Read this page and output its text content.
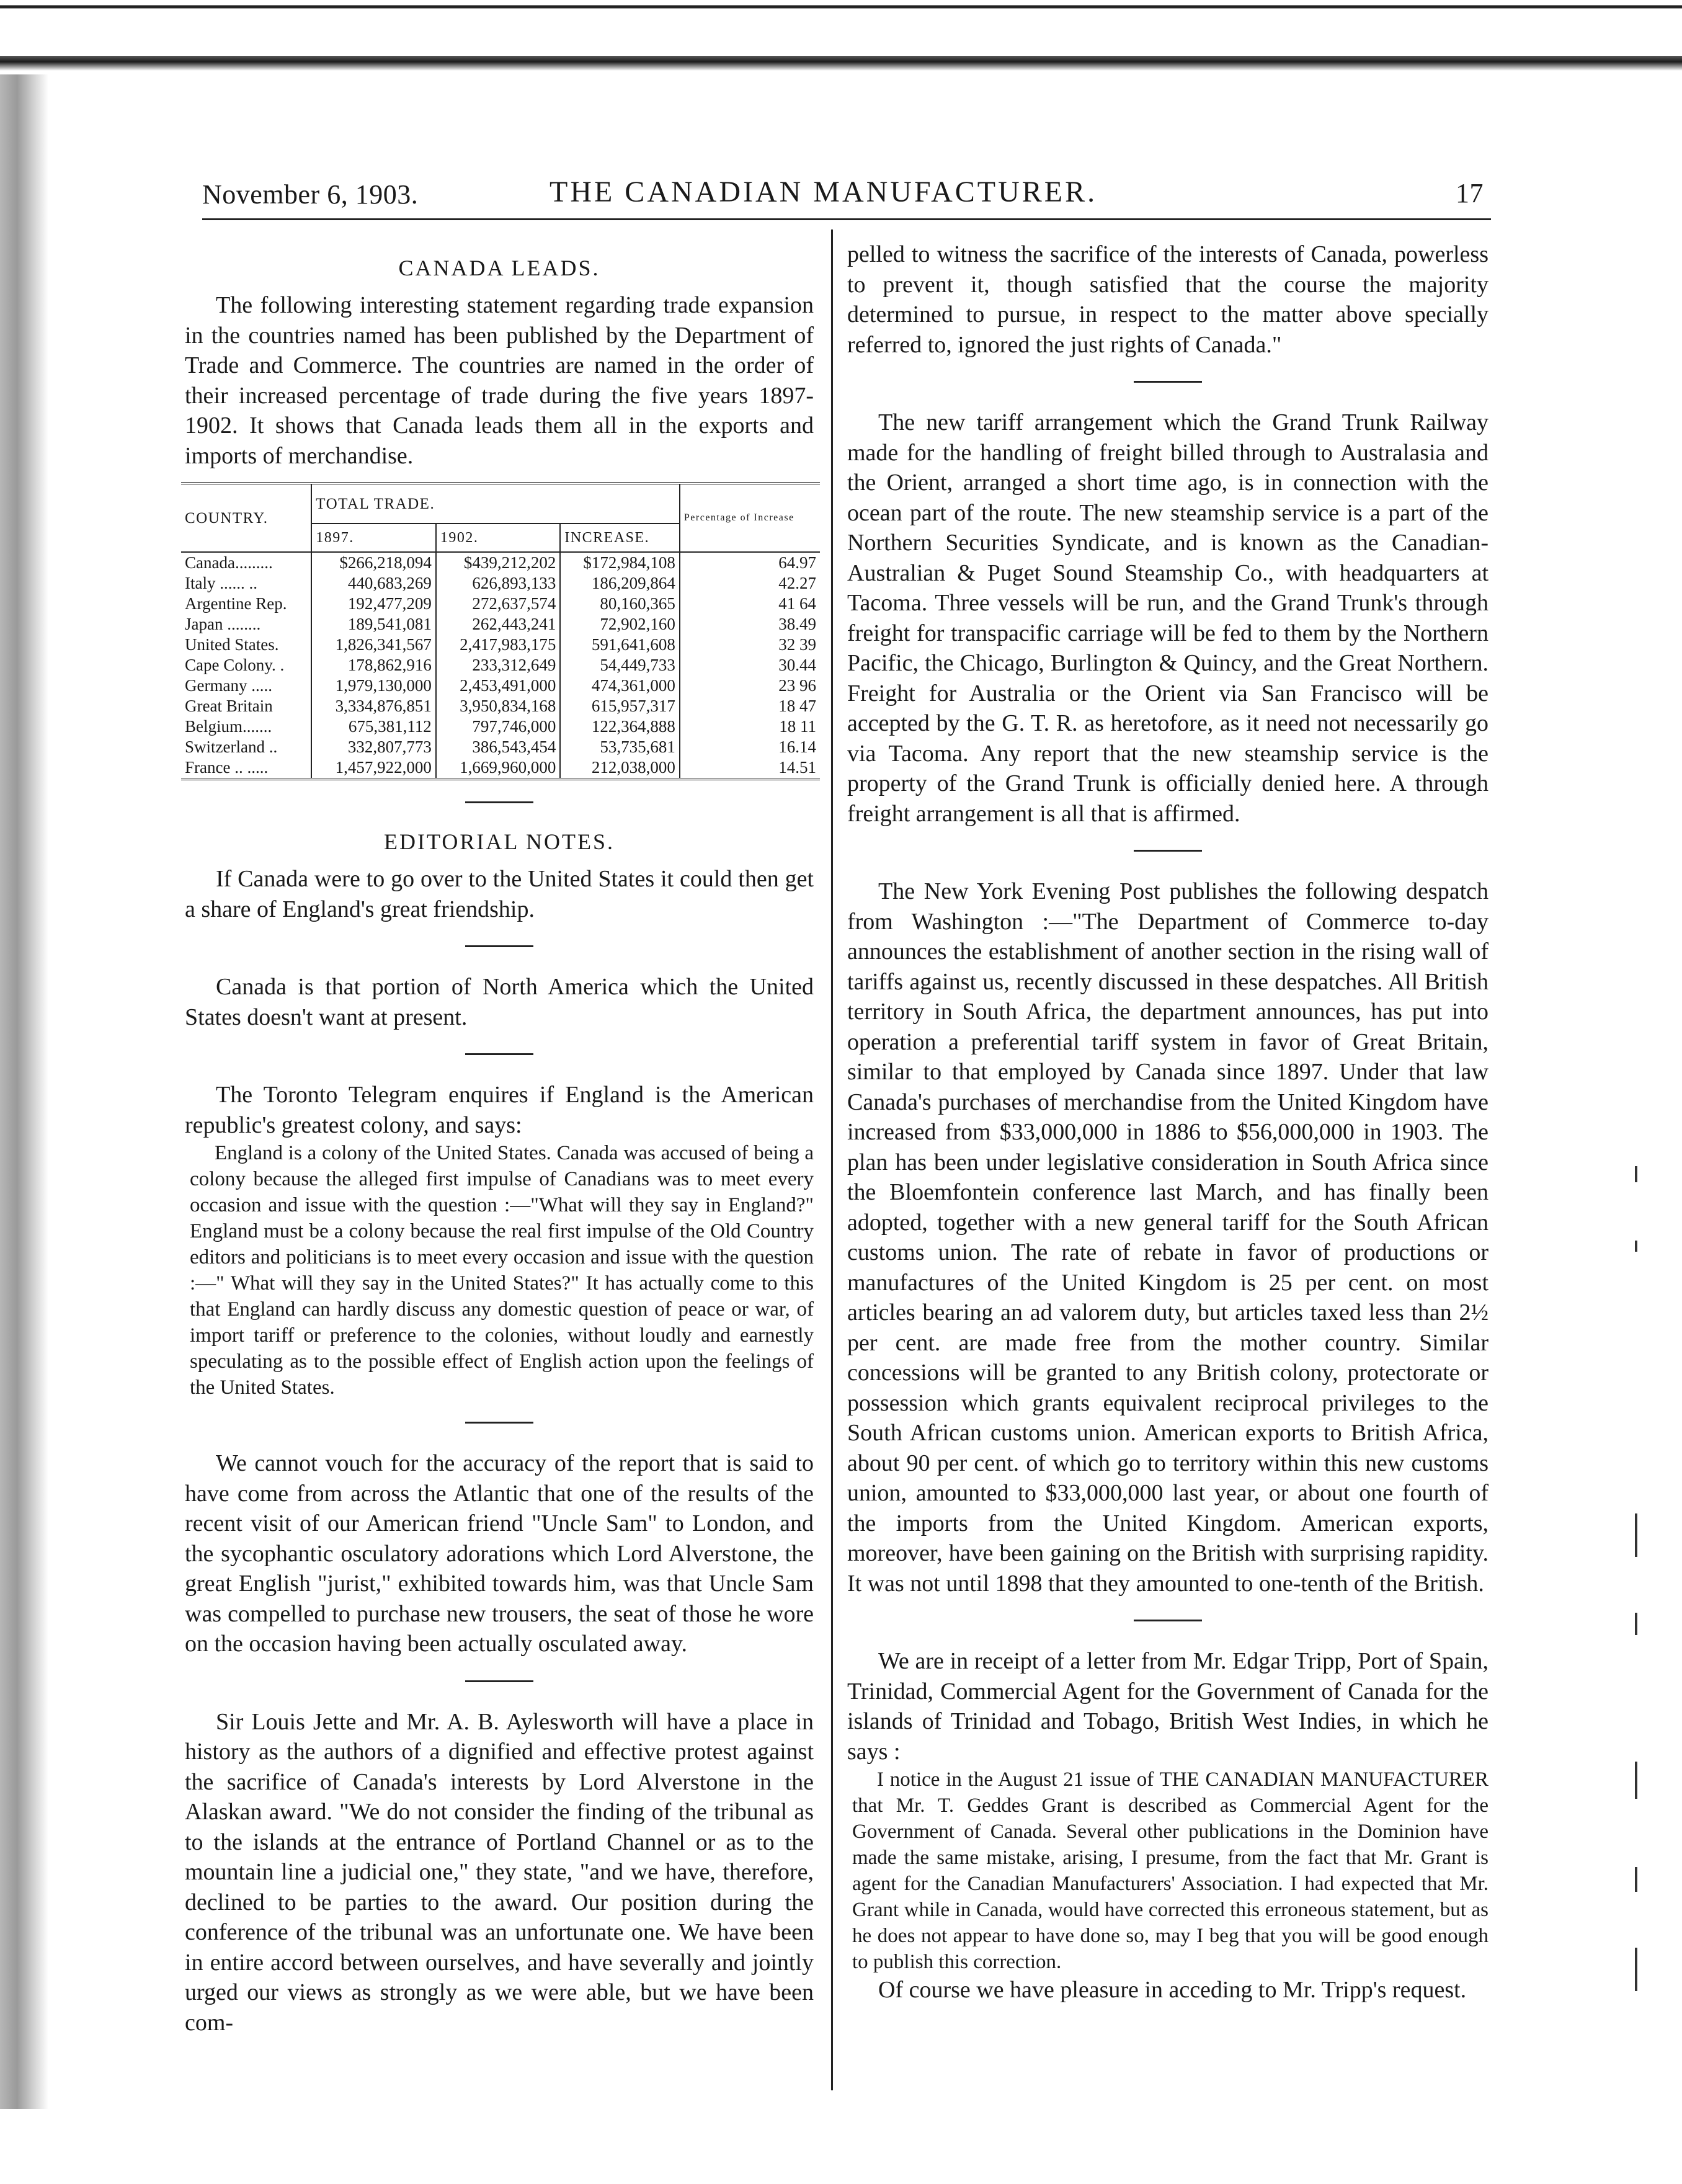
November 6, 1903.	THE CANADIAN MANUFACTURER.	17
CANADA LEADS.

The following interesting statement regarding trade expansion in the countries named has been published by the Department of Trade and Commerce. The countries are named in the order of their increased percentage of trade during the five years 1897-1902. It shows that Canada leads them all in the exports and imports of merchandise.

COUNTRY.	TOTAL TRADE.			Percentage of Increase
	1897.	1902.	INCREASE.	
Canada.........	$266,218,094	$439,212,202	$172,984,108	64.97
Italy ...... ..	440,683,269	626,893,133	186,209,864	42.27
Argentine Rep.	192,477,209	272,637,574	80,160,365	41 64
Japan ........	189,541,081	262,443,241	72,902,160	38.49
United States.	1,826,341,567	2,417,983,175	591,641,608	32 39
Cape Colony. .	178,862,916	233,312,649	54,449,733	30.44
Germany .....	1,979,130,000	2,453,491,000	474,361,000	23 96
Great Britain	3,334,876,851	3,950,834,168	615,957,317	18 47
Belgium.......	675,381,112	797,746,000	122,364,888	18 11
Switzerland ..	332,807,773	386,543,454	53,735,681	16.14
France .. .....	1,457,922,000	1,669,960,000	212,038,000	14.51
EDITORIAL NOTES.

If Canada were to go over to the United States it could then get a share of England's great friendship.

Canada is that portion of North America which the United States doesn't want at present.

The Toronto Telegram enquires if England is the American republic's greatest colony, and says:

England is a colony of the United States. Canada was accused of being a colony because the alleged first impulse of Canadians was to meet every occasion and issue with the question :—"What will they say in England?" England must be a colony because the real first impulse of the Old Country editors and politicians is to meet every occasion and issue with the question :—" What will they say in the United States?" It has actually come to this that England can hardly discuss any domestic question of peace or war, of import tariff or preference to the colonies, without loudly and earnestly speculating as to the possible effect of English action upon the feelings of the United States.

We cannot vouch for the accuracy of the report that is said to have come from across the Atlantic that one of the results of the recent visit of our American friend "Uncle Sam" to London, and the sycophantic osculatory adorations which Lord Alverstone, the great English "jurist," exhibited towards him, was that Uncle Sam was compelled to purchase new trousers, the seat of those he wore on the occasion having been actually osculated away.

Sir Louis Jette and Mr. A. B. Aylesworth will have a place in history as the authors of a dignified and effective protest against the sacrifice of Canada's interests by Lord Alverstone in the Alaskan award. "We do not consider the finding of the tribunal as to the islands at the entrance of Portland Channel or as to the mountain line a judicial one," they state, "and we have, therefore, declined to be parties to the award. Our position during the conference of the tribunal was an unfortunate one. We have been in entire accord between ourselves, and have severally and jointly urged our views as strongly as we were able, but we have been com-

pelled to witness the sacrifice of the interests of Canada, powerless to prevent it, though satisfied that the course the majority determined to pursue, in respect to the matter above specially referred to, ignored the just rights of Canada."

The new tariff arrangement which the Grand Trunk Railway made for the handling of freight billed through to Australasia and the Orient, arranged a short time ago, is in connection with the ocean part of the route. The new steamship service is a part of the Northern Securities Syndicate, and is known as the Canadian-Australian & Puget Sound Steamship Co., with headquarters at Tacoma. Three vessels will be run, and the Grand Trunk's through freight for transpacific carriage will be fed to them by the Northern Pacific, the Chicago, Burlington & Quincy, and the Great Northern. Freight for Australia or the Orient via San Francisco will be accepted by the G. T. R. as heretofore, as it need not necessarily go via Tacoma. Any report that the new steamship service is the property of the Grand Trunk is officially denied here. A through freight arrangement is all that is affirmed.

The New York Evening Post publishes the following despatch from Washington :—"The Department of Commerce to-day announces the establishment of another section in the rising wall of tariffs against us, recently discussed in these despatches. All British territory in South Africa, the department announces, has put into operation a preferential tariff system in favor of Great Britain, similar to that employed by Canada since 1897. Under that law Canada's purchases of merchandise from the United Kingdom have increased from $33,000,000 in 1886 to $56,000,000 in 1903. The plan has been under legislative consideration in South Africa since the Bloemfontein conference last March, and has finally been adopted, together with a new general tariff for the South African customs union. The rate of rebate in favor of productions or manufactures of the United Kingdom is 25 per cent. on most articles bearing an ad valorem duty, but articles taxed less than 2½ per cent. are made free from the mother country. Similar concessions will be granted to any British colony, protectorate or possession which grants equivalent reciprocal privileges to the South African customs union. American exports to British Africa, about 90 per cent. of which go to territory within this new customs union, amounted to $33,000,000 last year, or about one fourth of the imports from the United Kingdom. American exports, moreover, have been gaining on the British with surprising rapidity. It was not until 1898 that they amounted to one-tenth of the British.

We are in receipt of a letter from Mr. Edgar Tripp, Port of Spain, Trinidad, Commercial Agent for the Government of Canada for the islands of Trinidad and Tobago, British West Indies, in which he says :

I notice in the August 21 issue of THE CANADIAN MANUFACTURER that Mr. T. Geddes Grant is described as Commercial Agent for the Government of Canada. Several other publications in the Dominion have made the same mistake, arising, I presume, from the fact that Mr. Grant is agent for the Canadian Manufacturers' Association. I had expected that Mr. Grant while in Canada, would have corrected this erroneous statement, but as he does not appear to have done so, may I beg that you will be good enough to publish this correction.

Of course we have pleasure in acceding to Mr. Tripp's request.
